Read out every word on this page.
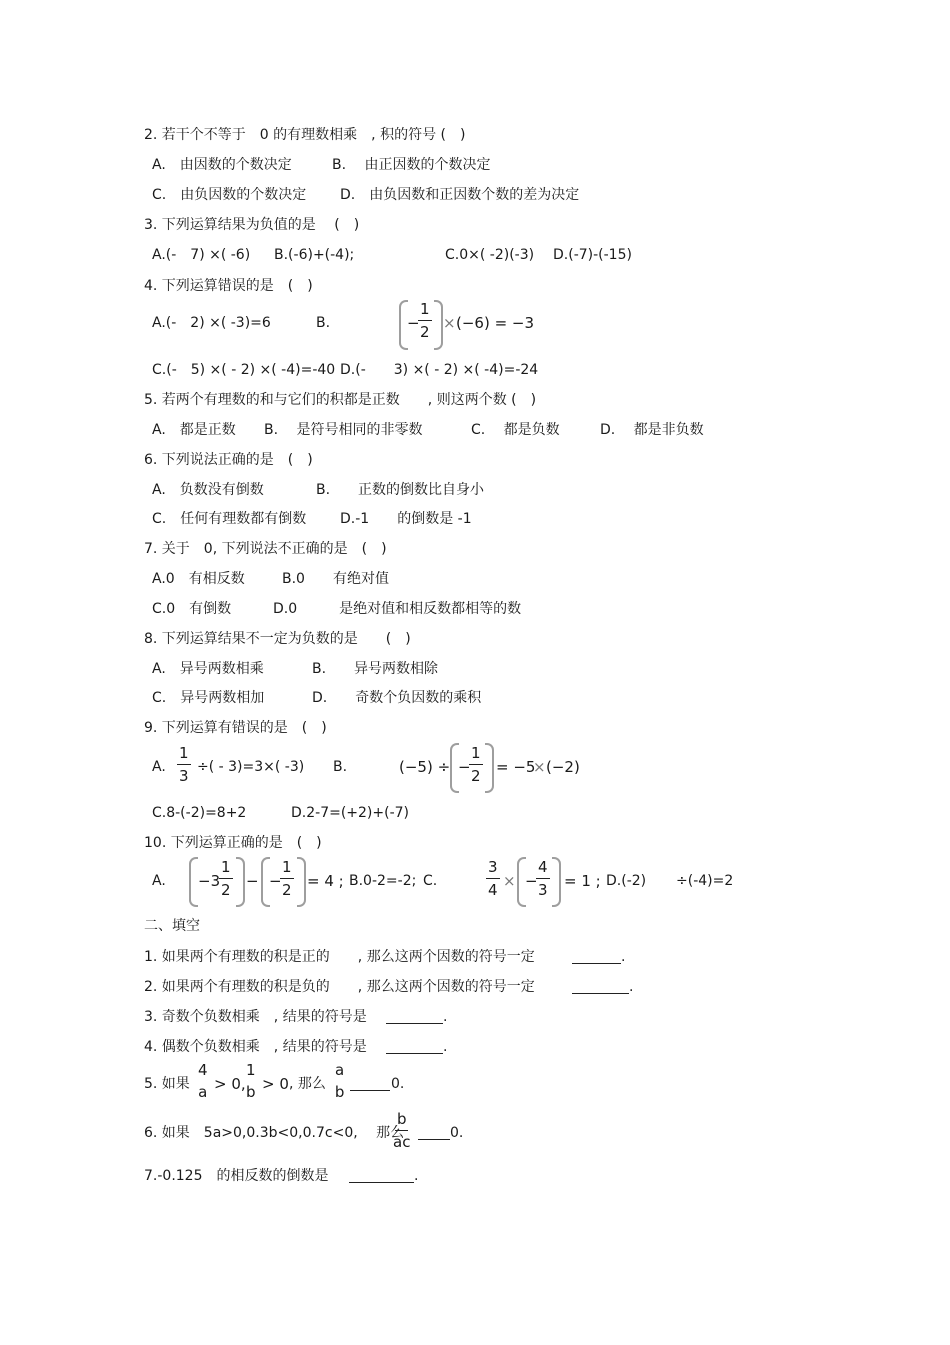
2. 若干个不等于　0 的有理数相乘　, 积的符号 (　)
A.　由因数的个数决定	B.　 由正因数的个数决定
C.　由负因数的个数决定 D.　由负因数和正因数个数的差为决定
3. 下列运算结果为负值的是　 (　)
A.(-　7) ×( -6) B.(-6)+(-4);	C.0×( -2)(-3) D.(-7)-(-15)
4. 下列运算错误的是　(　)
A.(-　2) ×( -3)=6	B.	−
$\frac{1}{2} \times (-6) = -3$
C.(-　5) ×( - 2) ×( -4)=-40 D.(-　　3) ×( - 2) ×( -4)=-24
5. 若两个有理数的和与它们的积都是正数　　, 则这两个数 (　)
A.　都是正数 B.　 是符号相同的非零数	C.　 都是负数	D.　 都是非负数
6. 下列说法正确的是　(　)
A.　负数没有倒数	B.　　正数的倒数比自身小
C.　任何有理数都有倒数 D.-1　　的倒数是 -1
7. 关于　0, 下列说法不正确的是　(　)
A.0　有相反数	B.0　　有绝对值
C.0　有倒数	D.0　　　是绝对值和相反数都相等的数
8. 下列运算结果不一定为负数的是　　(　)
A.　异号两数相乘	B.　　异号两数相除
C.　异号两数相加	D.　　奇数个负因数的乘积
9. 下列运算有错误的是　(　)
A. $\frac{1}{3}$ ÷( - 3)=3×( -3) B.	(−5) ÷ −
$\frac{1}{2} = -5$
× (−2)
C.8-(-2)=8+2	D.2-7=(+2)+(-7)
10. 下列运算正确的是　(　)
A. −3
$\frac{1}{2}$ − −
$\frac{1}{2} = 4$ ; B.0-2=-2; C.	$\frac{3}{4}$ × −
$\frac{4}{3} = 1$ ; D.(-2) ÷(-4)=2
二、填空
1. 如果两个有理数的积是正的　　, 那么这两个因数的符号一定	.
2. 如果两个有理数的积是负的　　, 那么这两个因数的符号一定	.
3. 奇数个负数相乘　, 结果的符号是	.
4. 偶数个负数相乘　, 结果的符号是	.
5. 如果
4
a > 0,
1
b > 0 , 那么
a
b	0.
6. 如果　5a>0,0.3b<0,0.7c<0,　 那么
$\frac{b}{ac}$	0.
7.-0.125　的相反数的倒数是	.
